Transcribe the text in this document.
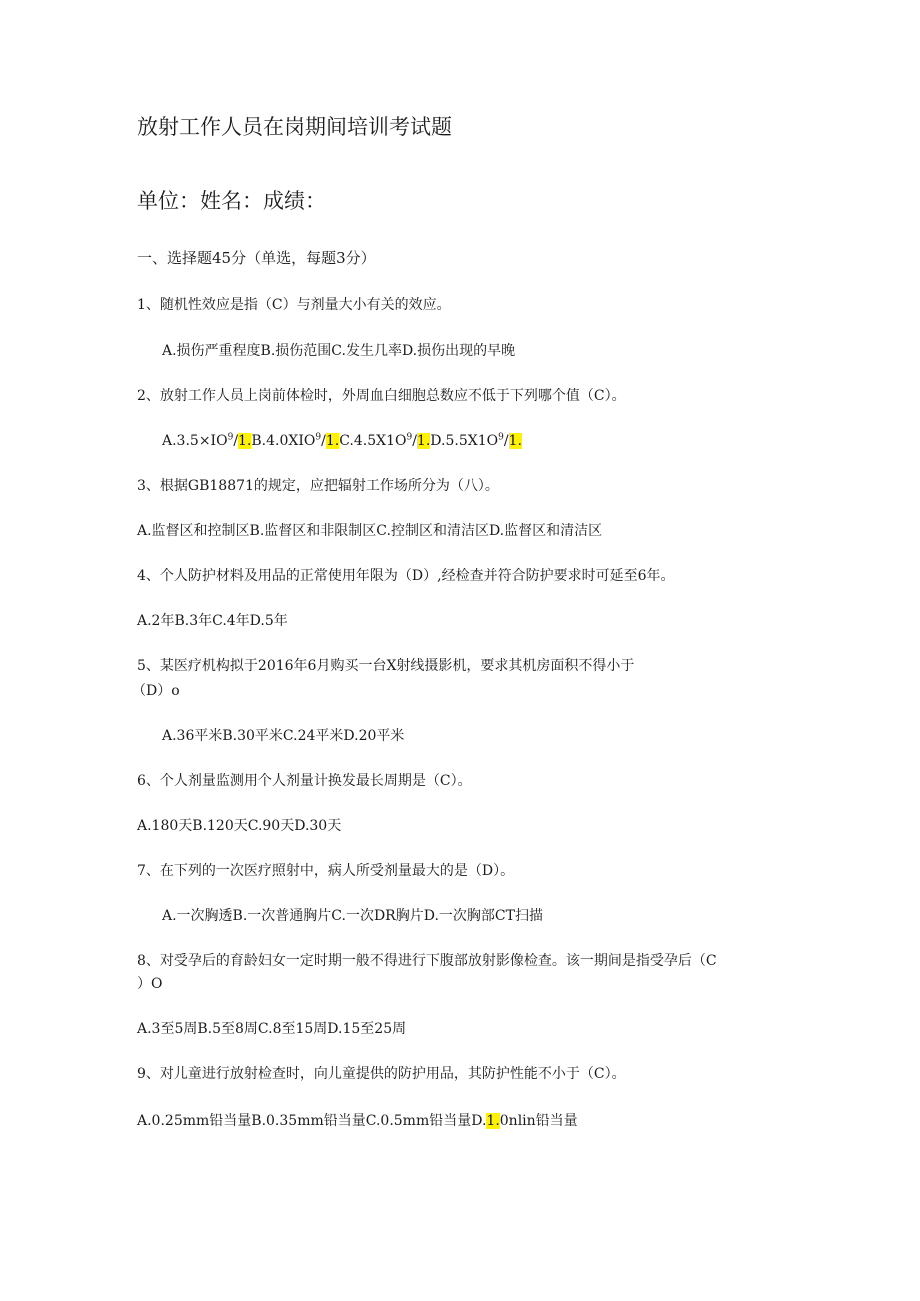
放射工作人员在岗期间培训考试题
单位：姓名：成绩：
一、选择题45分（单选，每题3分）
1、随机性效应是指（C）与剂量大小有关的效应。
A.损伤严重程度B.损伤范围C.发生几率D.损伤出现的早晚
2、放射工作人员上岗前体检时，外周血白细胞总数应不低于下列哪个值（C）。
$A.3.5\times IO^9/1.B.4.0XIO^9/1.C.4.5X1O^9/1.D.5.5X1O^9/1$.
3、根据GB18871的规定，应把辐射工作场所分为（八）。
A.监督区和控制区B.监督区和非限制区C.控制区和清洁区D.监督区和清洁区
4、个人防护材料及用品的正常使用年限为（D）,经检查并符合防护要求时可延至6年。
A.2年B.3年C.4年D.5年
5、某医疗机构拟于2016年6月购买一台X射线摄影机，要求其机房面积不得小于
（D）o
A.36平米B.30平米C.24平米D.20平米
6、个人剂量监测用个人剂量计换发最长周期是（C）。
A.180天B.120天C.90天D.30天
7、在下列的一次医疗照射中，病人所受剂量最大的是（D）。
A.一次胸透B.一次普通胸片C.一次DR胸片D.一次胸部CT扫描
8、对受孕后的育龄妇女一定时期一般不得进行下腹部放射影像检查。该一期间是指受孕后（C
）O
A.3至5周B.5至8周C.8至15周D.15至25周
9、对儿童进行放射检查时，向儿童提供的防护用品，其防护性能不小于（C）。
A.0.25mm铅当量B.0.35mm铅当量C.0.5mm铅当量D.1.0nlin铅当量
